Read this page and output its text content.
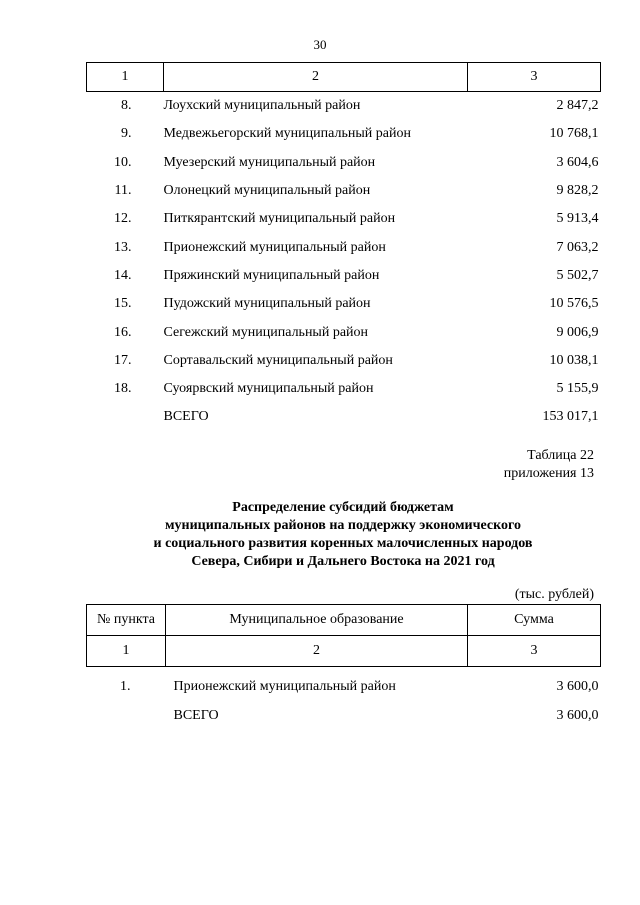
30
1	2	3
8.	Лоухский муниципальный район	2 847,2
9.	Медвежьегорский муниципальный район	10 768,1
10.	Муезерский муниципальный район	3 604,6
11.	Олонецкий муниципальный район	9 828,2
12.	Питкярантский муниципальный район	5 913,4
13.	Прионежский муниципальный район	7 063,2
14.	Пряжинский муниципальный район	5 502,7
15.	Пудожский муниципальный район	10 576,5
16.	Сегежский муниципальный район	9 006,9
17.	Сортавальский муниципальный район	10 038,1
18.	Суоярвский муниципальный район	5 155,9
	ВСЕГО	153 017,1
Таблица 22
приложения 13
Распределение субсидий бюджетам
муниципальных районов на поддержку экономического
и социального развития коренных малочисленных народов
Севера, Сибири и Дальнего Востока на 2021 год
(тыс. рублей)
№ пункта	Муниципальное образование	Сумма
1	2	3
1.	Прионежский муниципальный район	3 600,0
	ВСЕГО	3 600,0
